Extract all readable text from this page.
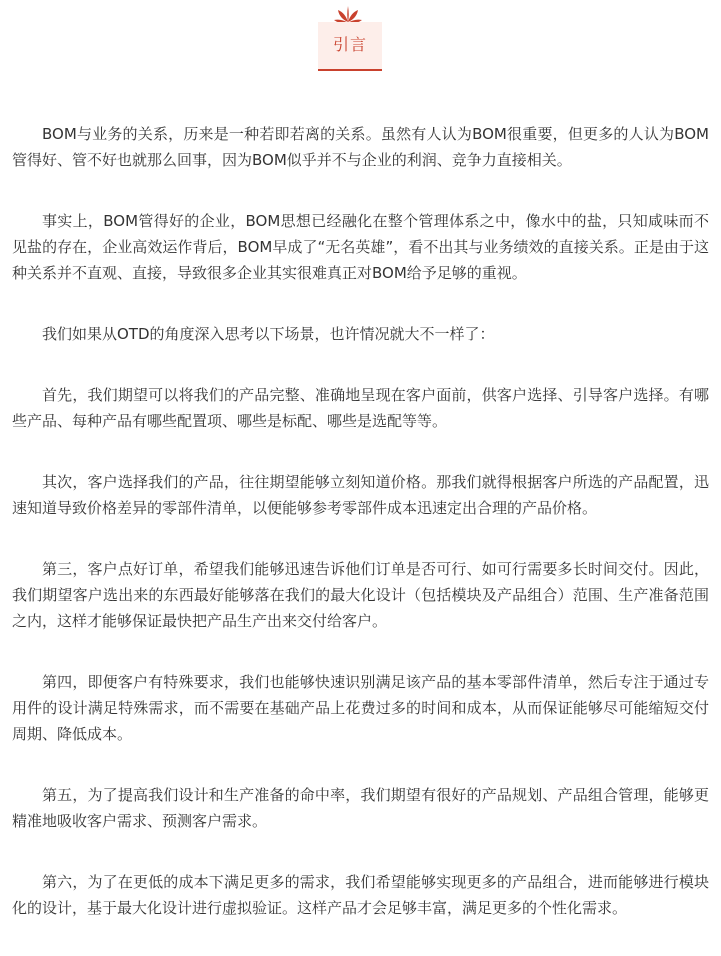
引言

BOM与业务的关系，历来是一种若即若离的关系。虽然有人认为BOM很重要，但更多的人认为BOM管得好、管不好也就那么回事，因为BOM似乎并不与企业的利润、竞争力直接相关。

事实上，BOM管得好的企业，BOM思想已经融化在整个管理体系之中，像水中的盐，只知咸味而不见盐的存在，企业高效运作背后，BOM早成了“无名英雄”，看不出其与业务绩效的直接关系。正是由于这种关系并不直观、直接，导致很多企业其实很难真正对BOM给予足够的重视。

我们如果从OTD的角度深入思考以下场景，也许情况就大不一样了：

首先，我们期望可以将我们的产品完整、准确地呈现在客户面前，供客户选择、引导客户选择。有哪些产品、每种产品有哪些配置项、哪些是标配、哪些是选配等等。

其次，客户选择我们的产品，往往期望能够立刻知道价格。那我们就得根据客户所选的产品配置，迅速知道导致价格差异的零部件清单，以便能够参考零部件成本迅速定出合理的产品价格。

第三，客户点好订单，希望我们能够迅速告诉他们订单是否可行、如可行需要多长时间交付。因此，我们期望客户选出来的东西最好能够落在我们的最大化设计（包括模块及产品组合）范围、生产准备范围之内，这样才能够保证最快把产品生产出来交付给客户。

第四，即便客户有特殊要求，我们也能够快速识别满足该产品的基本零部件清单，然后专注于通过专用件的设计满足特殊需求，而不需要在基础产品上花费过多的时间和成本，从而保证能够尽可能缩短交付周期、降低成本。

第五，为了提高我们设计和生产准备的命中率，我们期望有很好的产品规划、产品组合管理，能够更精准地吸收客户需求、预测客户需求。

第六，为了在更低的成本下满足更多的需求，我们希望能够实现更多的产品组合，进而能够进行模块化的设计，基于最大化设计进行虚拟验证。这样产品才会足够丰富，满足更多的个性化需求。
